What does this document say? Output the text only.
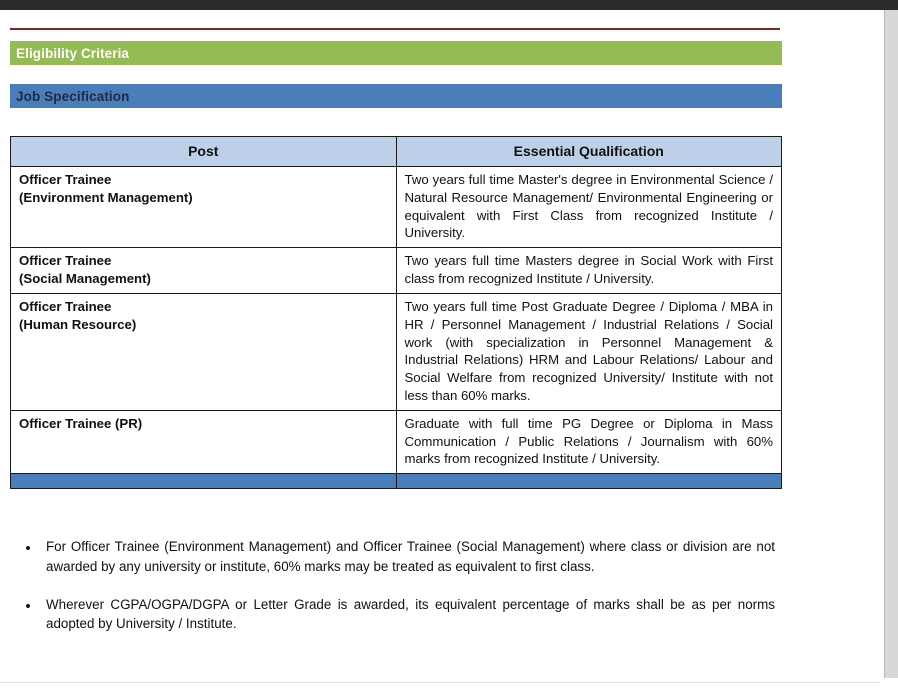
Eligibility Criteria
Job Specification
Post	Essential Qualification

Officer Trainee
(Environment Management)	Two years full time Master's degree in Environmental Science / Natural Resource Management/ Environmental Engineering or equivalent with First Class from recognized Institute / University.

Officer Trainee
(Social Management)	Two years full time Masters degree in Social Work with First class from recognized Institute / University.

Officer Trainee
(Human Resource)	Two years full time Post Graduate Degree / Diploma / MBA in HR / Personnel Management / Industrial Relations / Social work (with specialization in Personnel Management & Industrial Relations) HRM and Labour Relations/ Labour and Social Welfare from recognized University/ Institute with not less than 60% marks.

Officer Trainee (PR)	Graduate with full time PG Degree or Diploma in Mass Communication / Public Relations / Journalism with 60% marks from recognized Institute / University.

•	For Officer Trainee (Environment Management) and Officer Trainee (Social Management) where class or division are not awarded by any university or institute, 60% marks may be treated as equivalent to first class.
•	Wherever CGPA/OGPA/DGPA or Letter Grade is awarded, its equivalent percentage of marks shall be as per norms adopted by University / Institute.
